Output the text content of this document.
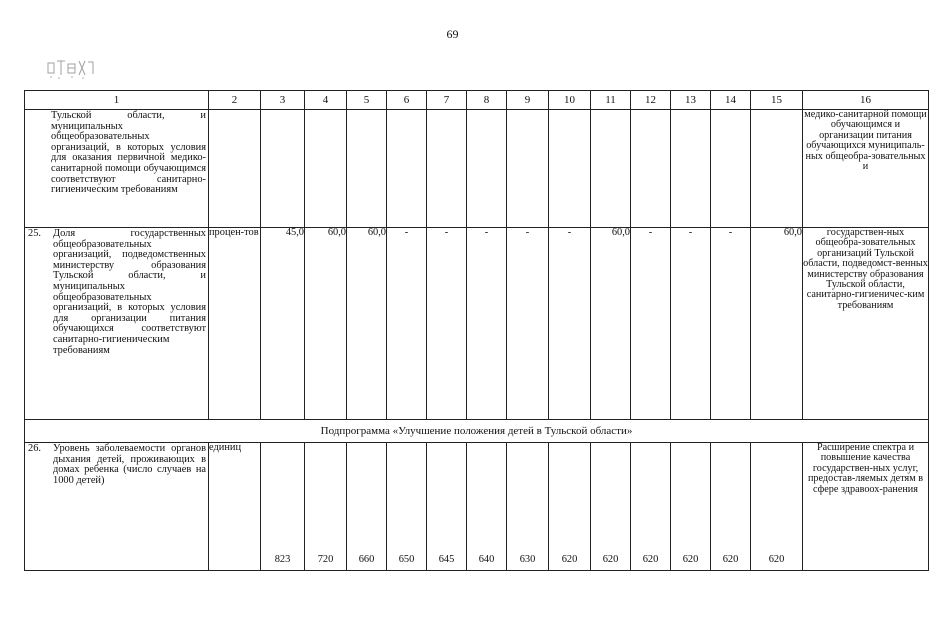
69
1	2	3	4	5	6	7	8	9	10	11	12	13	14	15	16

Тульской области, и муниципальных общеобразовательных организаций, в которых условия для оказания первичной медико-санитарной помощи обучающимся соответствуют санитарно-гигиеническим требованиям															медико-санитарной помощи обучающимся и организации питания обучающихся муниципаль-ных общеобра-зовательных и

25. Доля государственных общеобразовательных организаций, подведомственных министерству образования Тульской области, и муниципальных общеобразовательных организаций, в которых условия для организации питания обучающихся соответствуют санитарно-гигиеническим требованиям	процен-тов	45,0	60,0	60,0	-	-	-	-	-	60,0	-	-	-	60,0	государствен-ных общеобра-зовательных организаций Тульской области, подведомст-венных министерству образования Тульской области, санитарно-гигиеничес-ким требованиям
Подпрограмма «Улучшение положения детей в Тульской области»															

26. Уровень заболеваемости органов дыхания детей, проживающих в домах ребенка (число случаев на 1000 детей)	единиц	823	720	660	650	645	640	630	620	620	620	620	620	620	Расширение спектра и повышение качества государствен-ных услуг, предостав-ляемых детям в сфере здравоох-ранения
